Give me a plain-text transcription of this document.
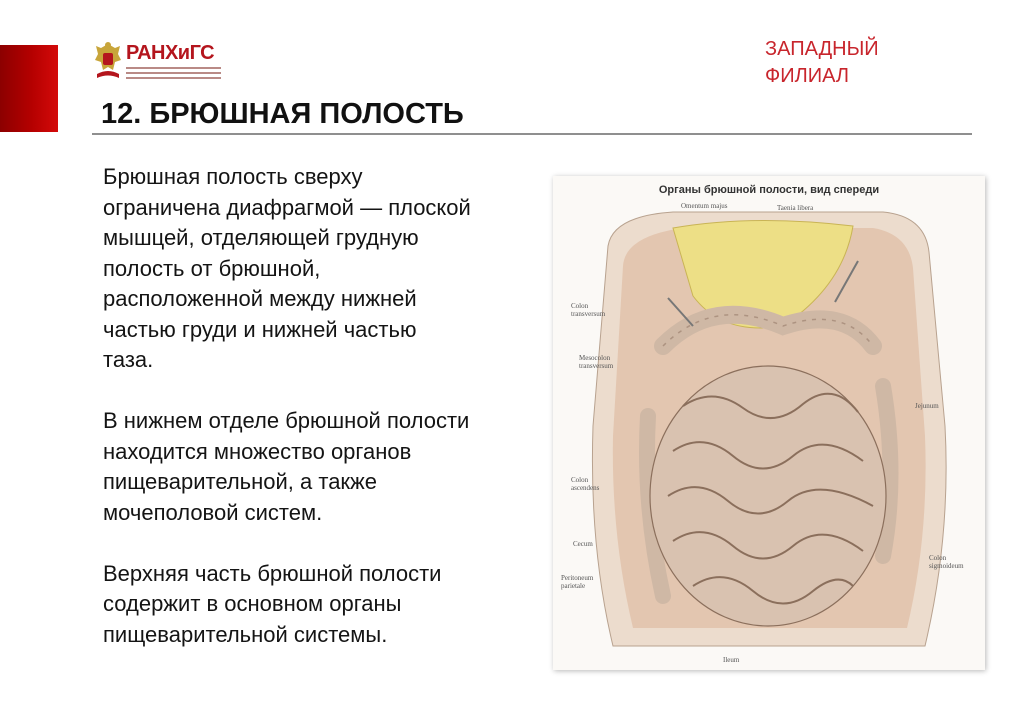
РАНХиГС	ЗАПАДНЫЙ
ФИЛИАЛ
12. БРЮШНАЯ ПОЛОСТЬ
Брюшная полость сверху
ограничена диафрагмой — плоской
мышцей, отделяющей грудную
полость от брюшной,
расположенной между нижней
частью груди и нижней частью
таза.
В нижнем отделе брюшной полости
находится множество органов
пищеварительной, а также
мочеполовой систем.
Верхняя часть брюшной полости
содержит в основном органы
пищеварительной системы.
Органы брюшной полости, вид спереди
Omentum majus	Taenia libera
Colon
transversum
Mesocolon
transversum
Jejunum
Colon
ascendens
Cecum
Colon
sigmoideum
Peritoneum
parietale
Ileum
